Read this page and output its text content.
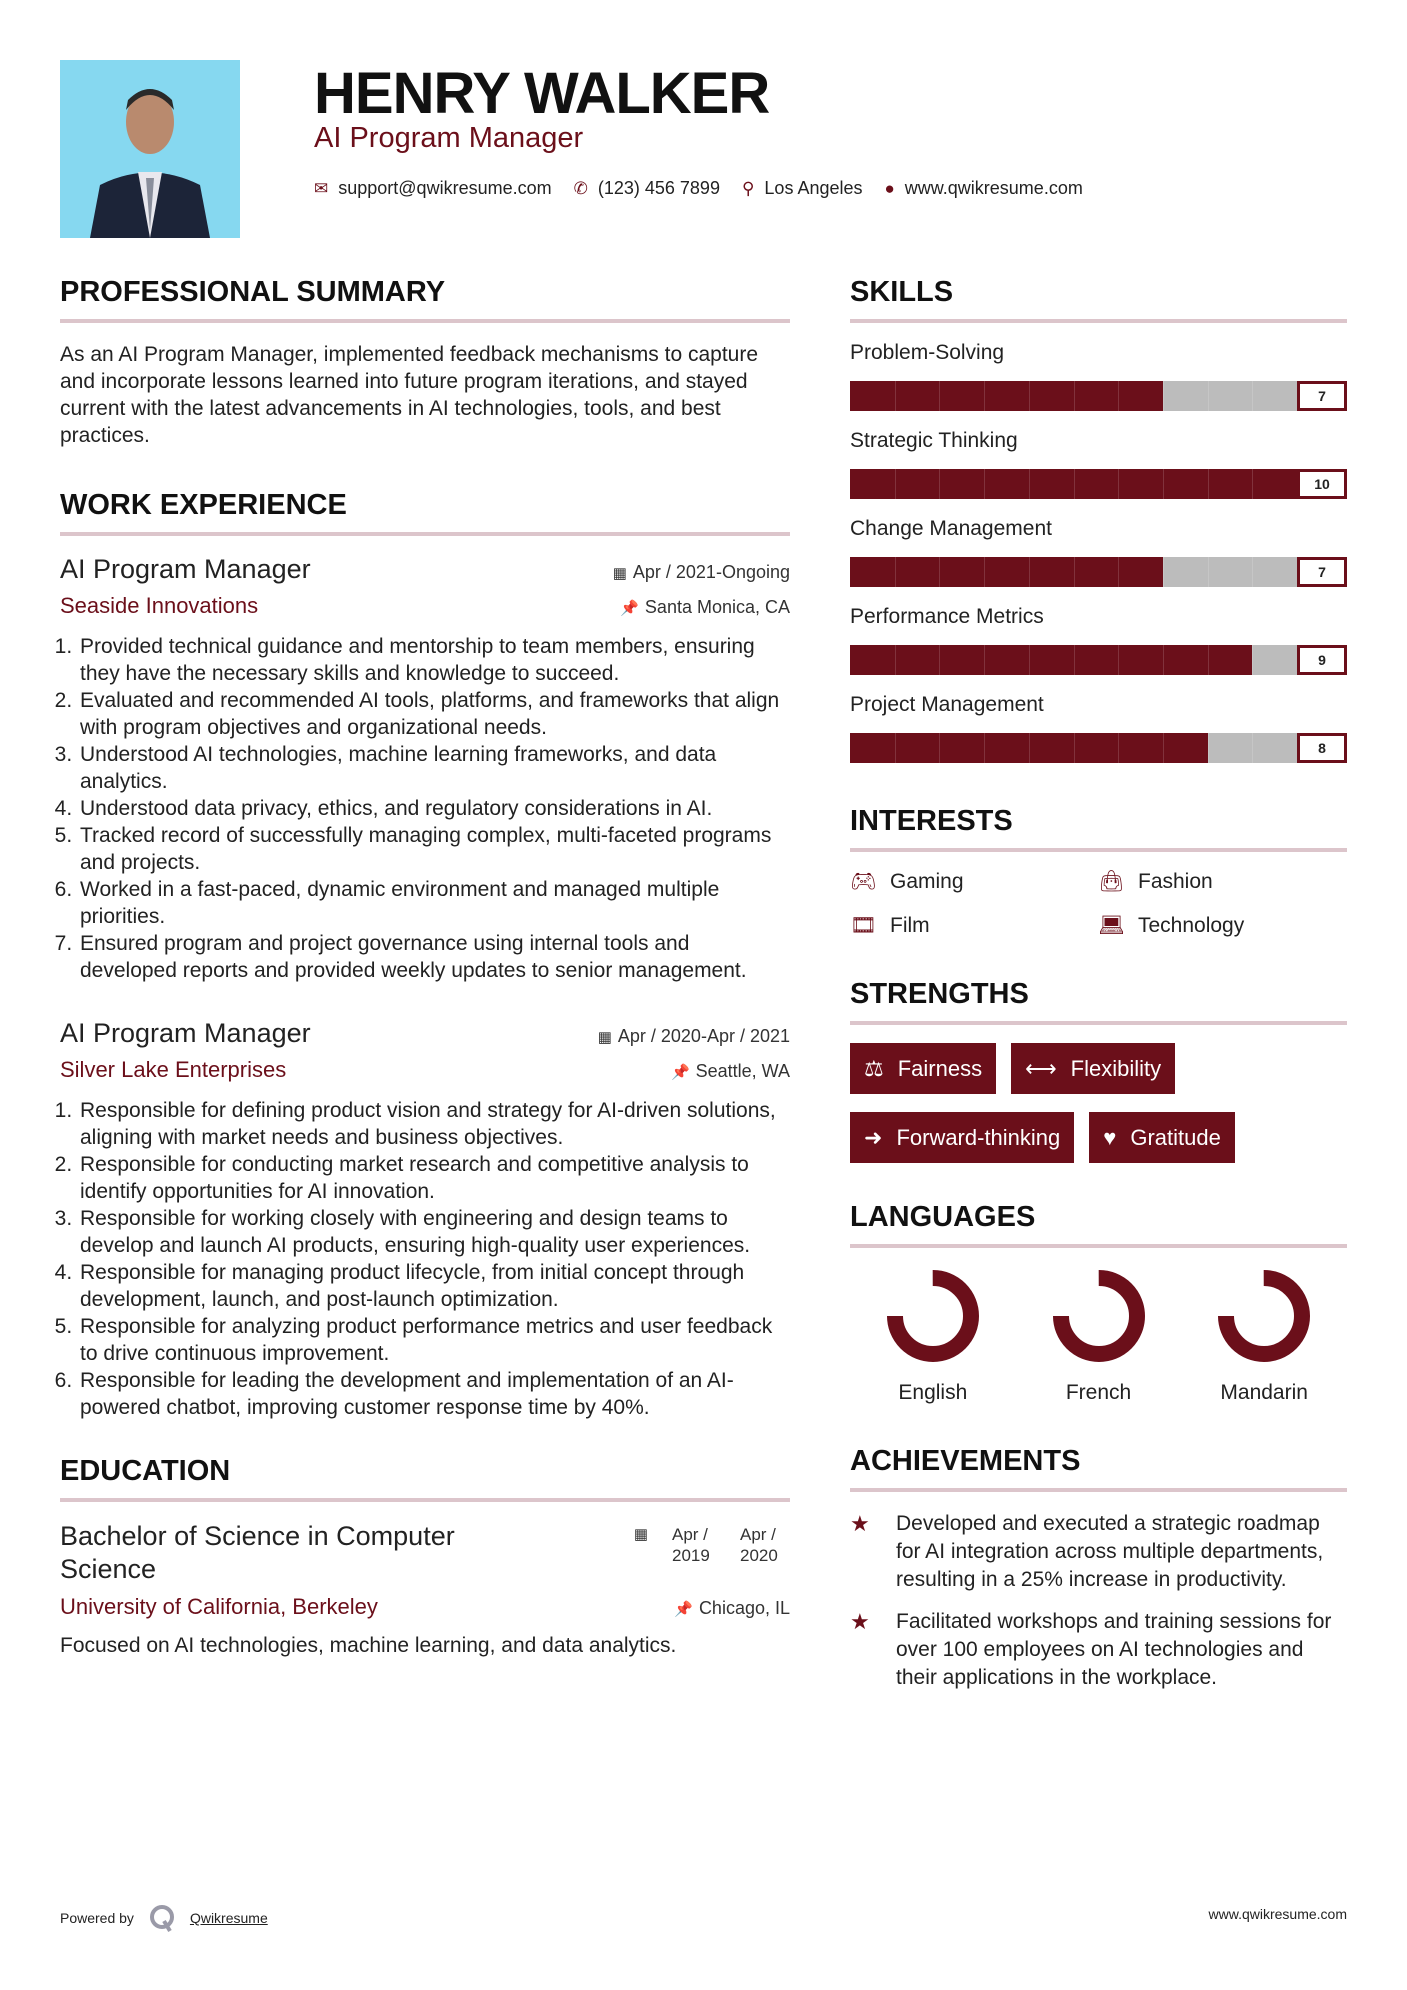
HENRY WALKER
AI Program Manager
✉ support@qwikresume.com ✆ (123) 456 7899 ⚲ Los Angeles ● www.qwikresume.com
PROFESSIONAL SUMMARY

As an AI Program Manager, implemented feedback mechanisms to capture and incorporate lessons learned into future program iterations, and stayed current with the latest advancements in AI technologies, tools, and best practices.

WORK EXPERIENCE
AI Program Manager	▦ Apr / 2021-Ongoing
Seaside Innovations	📌 Santa Monica, CA
1. Provided technical guidance and mentorship to team members, ensuring they have the necessary skills and knowledge to succeed.
2. Evaluated and recommended AI tools, platforms, and frameworks that align with program objectives and organizational needs.
3. Understood AI technologies, machine learning frameworks, and data analytics.
4. Understood data privacy, ethics, and regulatory considerations in AI.
5. Tracked record of successfully managing complex, multi-faceted programs and projects.
6. Worked in a fast-paced, dynamic environment and managed multiple priorities.
7. Ensured program and project governance using internal tools and developed reports and provided weekly updates to senior management.
AI Program Manager	▦ Apr / 2020-Apr / 2021
Silver Lake Enterprises	📌 Seattle, WA
1. Responsible for defining product vision and strategy for AI-driven solutions, aligning with market needs and business objectives.
2. Responsible for conducting market research and competitive analysis to identify opportunities for AI innovation.
3. Responsible for working closely with engineering and design teams to develop and launch AI products, ensuring high-quality user experiences.
4. Responsible for managing product lifecycle, from initial concept through development, launch, and post-launch optimization.
5. Responsible for analyzing product performance metrics and user feedback to drive continuous improvement.
6. Responsible for leading the development and implementation of an AI-powered chatbot, improving customer response time by 40%.
EDUCATION
Bachelor of Science in Computer Science
▦ Apr / 2019
Apr / 2020
University of California, Berkeley	📌 Chicago, IL

Focused on AI technologies, machine learning, and data analytics.

SKILLS
Problem-Solving
7
Strategic Thinking
10
Change Management
7
Performance Metrics
9
Project Management
8
INTERESTS
🎮︎ Gaming	👜︎ Fashion
🎞︎ Film	💻︎ Technology
STRENGTHS
⚖ Fairness ⟷ Flexibility
➜ Forward-thinking ♥ Gratitude
LANGUAGES
English	French	Mandarin
ACHIEVEMENTS
★	Developed and executed a strategic roadmap for AI integration across multiple departments, resulting in a 25% increase in productivity.
★	Facilitated workshops and training sessions for over 100 employees on AI technologies and their applications in the workplace.
Powered by	Qwikresume	www.qwikresume.com
